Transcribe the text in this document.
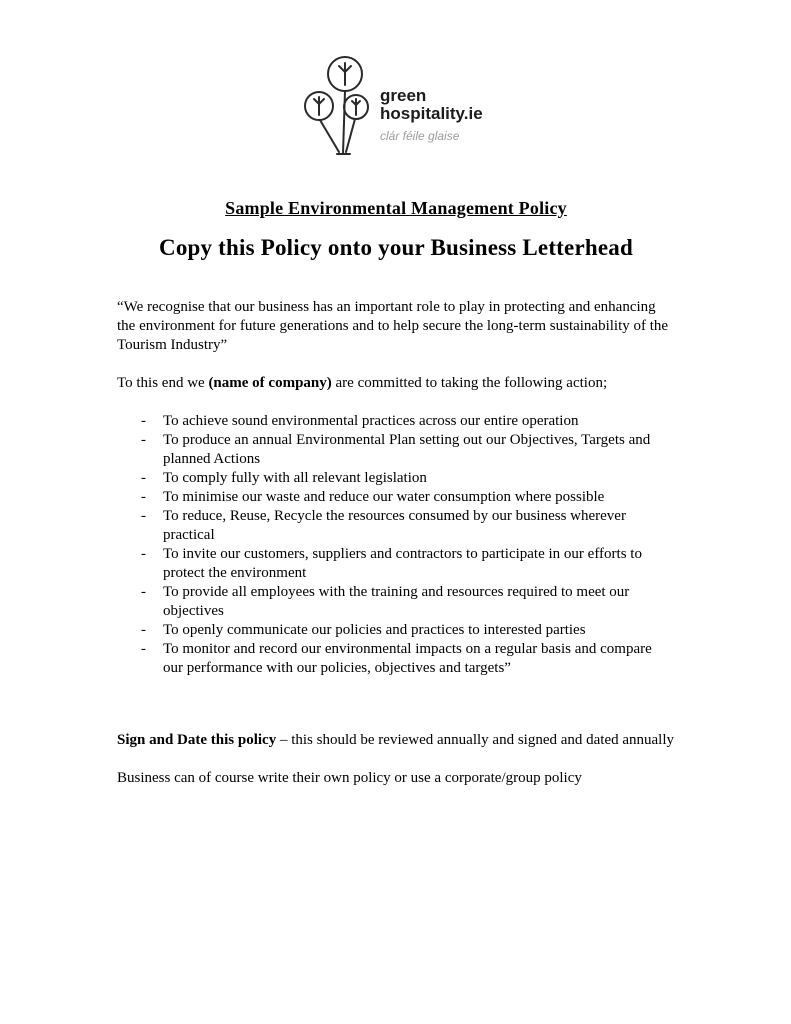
green
hospitality.ie
clár féile glaise
Sample Environmental Management Policy
Copy this Policy onto your Business Letterhead

“We recognise that our business has an important role to play in protecting and enhancing the environment for future generations and to help secure the long-term sustainability of the Tourism Industry”

To this end we (name of company) are committed to taking the following action;

-	To achieve sound environmental practices across our entire operation
-	To produce an annual Environmental Plan setting out our Objectives, Targets and planned Actions
-	To comply fully with all relevant legislation
-	To minimise our waste and reduce our water consumption where possible
-	To reduce, Reuse, Recycle the resources consumed by our business wherever practical
-	To invite our customers, suppliers and contractors to participate in our efforts to protect the environment
-	To provide all employees with the training and resources required to meet our objectives
-	To openly communicate our policies and practices to interested parties
-	To monitor and record our environmental impacts on a regular basis and compare our performance with our policies, objectives and targets”

Sign and Date this policy – this should be reviewed annually and signed and dated annually

Business can of course write their own policy or use a corporate/group policy
